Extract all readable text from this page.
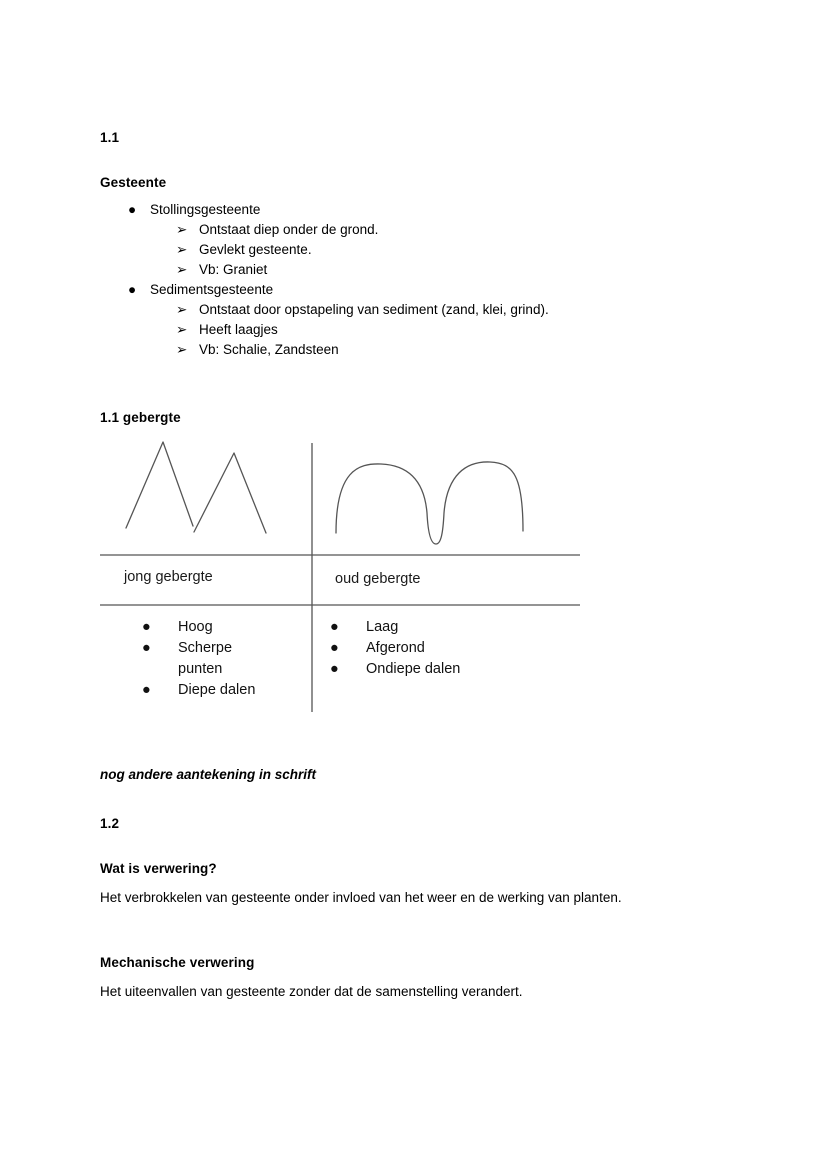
1.1
Gesteente
● Stollingsgesteente
➢ Ontstaat diep onder de grond.
➢ Gevlekt gesteente.
➢ Vb: Graniet
● Sedimentsgesteente
➢ Ontstaat door opstapeling van sediment (zand, klei, grind).
➢ Heeft laagjes
➢ Vb: Schalie, Zandsteen
1.1 gebergte
jong gebergte	oud gebergte
● Hoog
● Scherpe punten
● Diepe dalen
● Laag
● Afgerond
● Ondiepe dalen
nog andere aantekening in schrift
1.2
Wat is verwering?
Het verbrokkelen van gesteente onder invloed van het weer en de werking van planten.
Mechanische verwering
Het uiteenvallen van gesteente zonder dat de samenstelling verandert.
